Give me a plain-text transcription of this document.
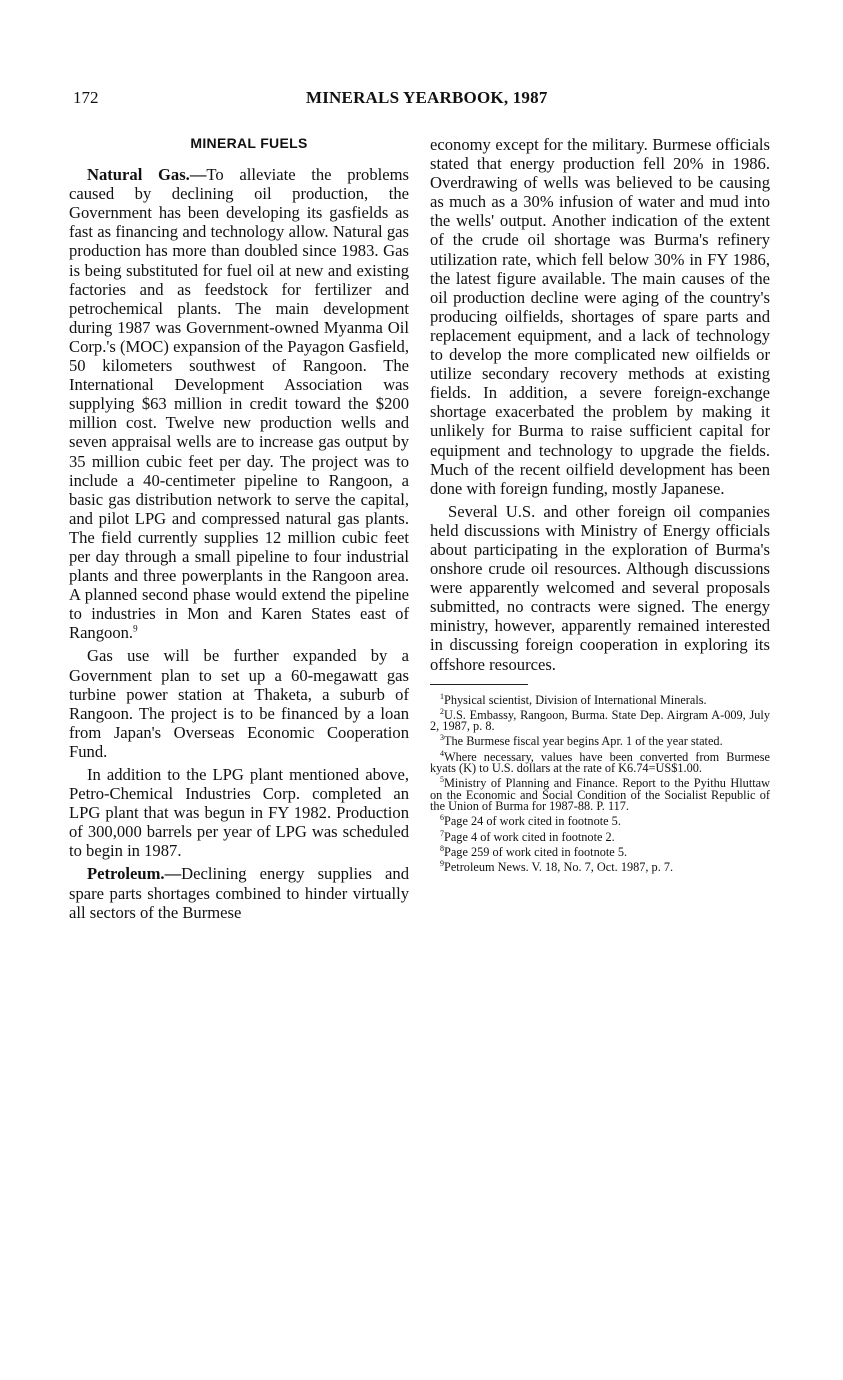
172	MINERALS YEARBOOK, 1987
MINERAL FUELS

Natural Gas.—To alleviate the problems caused by declining oil production, the Government has been developing its gasfields as fast as financing and technology allow. Natural gas production has more than doubled since 1983. Gas is being substituted for fuel oil at new and existing factories and as feedstock for fertilizer and petrochemical plants. The main development during 1987 was Government-owned Myanma Oil Corp.'s (MOC) expansion of the Payagon Gasfield, 50 kilometers southwest of Rangoon. The International Development Association was supplying $63 million in credit toward the $200 million cost. Twelve new production wells and seven appraisal wells are to increase gas output by 35 million cubic feet per day. The project was to include a 40-centimeter pipeline to Rangoon, a basic gas distribution network to serve the capital, and pilot LPG and compressed natural gas plants. The field currently supplies 12 million cubic feet per day through a small pipeline to four industrial plants and three powerplants in the Rangoon area. A planned second phase would extend the pipeline to industries in Mon and Karen States east of Rangoon.$^9$

Gas use will be further expanded by a Government plan to set up a 60-megawatt gas turbine power station at Thaketa, a suburb of Rangoon. The project is to be financed by a loan from Japan's Overseas Economic Cooperation Fund.

In addition to the LPG plant mentioned above, Petro-Chemical Industries Corp. completed an LPG plant that was begun in FY 1982. Production of 300,000 barrels per year of LPG was scheduled to begin in 1987.

Petroleum.—Declining energy supplies and spare parts shortages combined to hinder virtually all sectors of the Burmese

economy except for the military. Burmese officials stated that energy production fell 20% in 1986. Overdrawing of wells was believed to be causing as much as a 30% infusion of water and mud into the wells' output. Another indication of the extent of the crude oil shortage was Burma's refinery utilization rate, which fell below 30% in FY 1986, the latest figure available. The main causes of the oil production decline were aging of the country's producing oilfields, shortages of spare parts and replacement equipment, and a lack of technology to develop the more complicated new oilfields or utilize secondary recovery methods at existing fields. In addition, a severe foreign-exchange shortage exacerbated the problem by making it unlikely for Burma to raise sufficient capital for equipment and technology to upgrade the fields. Much of the recent oilfield development has been done with foreign funding, mostly Japanese.

Several U.S. and other foreign oil companies held discussions with Ministry of Energy officials about participating in the exploration of Burma's onshore crude oil resources. Although discussions were apparently welcomed and several proposals submitted, no contracts were signed. The energy ministry, however, apparently remained interested in discussing foreign cooperation in exploring its offshore resources.

$^1$Physical scientist, Division of International Minerals.

$^2$U.S. Embassy, Rangoon, Burma. State Dep. Airgram A-009, July 2, 1987, p. 8.

$^3$The Burmese fiscal year begins Apr. 1 of the year stated.

$^4$Where necessary, values have been converted from Burmese kyats (K) to U.S. dollars at the rate of K6.74=US$1.00.

$^5$Ministry of Planning and Finance. Report to the Pyithu Hluttaw on the Economic and Social Condition of the Socialist Republic of the Union of Burma for 1987-88. P. 117.

$^6$Page 24 of work cited in footnote 5.

$^7$Page 4 of work cited in footnote 2.

$^8$Page 259 of work cited in footnote 5.

$^9$Petroleum News. V. 18, No. 7, Oct. 1987, p. 7.
